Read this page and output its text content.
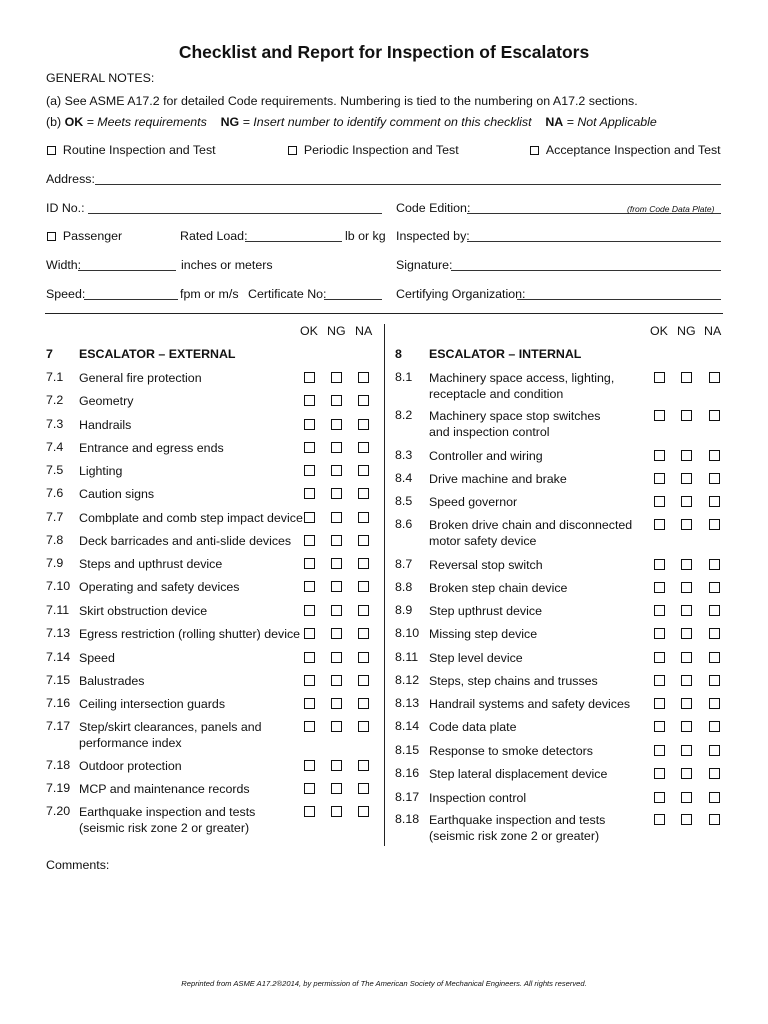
Checklist and Report for Inspection of Escalators
GENERAL NOTES:
(a) See ASME A17.2 for detailed Code requirements. Numbering is tied to the numbering on A17.2 sections.
(b) OK = Meets requirements NG = Insert number to identify comment on this checklist NA = Not Applicable
Routine Inspection and Test	Periodic Inspection and Test	Acceptance Inspection and Test
Address:
ID No.:	Code Edition:	(from Code Data Plate)
Passenger	Rated Load:	lb or kg Inspected by:
Width:	inches or meters	Signature:
Speed:	fpm or m/s Certificate No:	Certifying Organization:
OK NG NA	OK NG NA
7 ESCALATOR – EXTERNAL	8 ESCALATOR – INTERNAL
7.1 General fire protection
7.2 Geometry
7.3 Handrails
7.4 Entrance and egress ends
7.5 Lighting
7.6 Caution signs
7.7 Combplate and comb step impact device
7.8 Deck barricades and anti-slide devices
7.9 Steps and upthrust device
7.10 Operating and safety devices
7.11 Skirt obstruction device
7.13 Egress restriction (rolling shutter) device
7.14 Speed
7.15 Balustrades
7.16 Ceiling intersection guards
7.17 Step/skirt clearances, panels and
performance index
7.18 Outdoor protection
7.19 MCP and maintenance records
7.20 Earthquake inspection and tests
(seismic risk zone 2 or greater)
8.1 Machinery space access, lighting,
receptacle and condition
8.2 Machinery space stop switches
and inspection control
8.3 Controller and wiring
8.4 Drive machine and brake
8.5 Speed governor
8.6 Broken drive chain and disconnected
motor safety device
8.7 Reversal stop switch
8.8 Broken step chain device
8.9 Step upthrust device
8.10 Missing step device
8.11 Step level device
8.12 Steps, step chains and trusses
8.13 Handrail systems and safety devices
8.14 Code data plate
8.15 Response to smoke detectors
8.16 Step lateral displacement device
8.17 Inspection control
8.18 Earthquake inspection and tests
(seismic risk zone 2 or greater)
Comments:
Reprinted from ASME A17.2®2014, by permission of The American Society of Mechanical Engineers. All rights reserved.
